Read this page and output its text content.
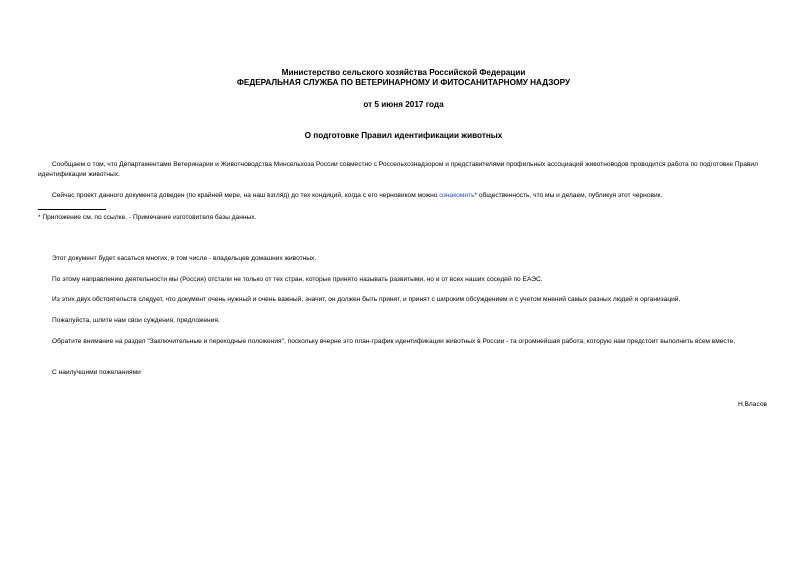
Министерство сельского хозяйства Российской Федерации
ФЕДЕРАЛЬНАЯ СЛУЖБА ПО ВЕТЕРИНАРНОМУ И ФИТОСАНИТАРНОМУ НАДЗОРУ
от 5 июня 2017 года
О подготовке Правил идентификации животных
Сообщаем о том, что Департаментами Ветеринарии и Животноводства Минсельхоза России совместно с Россельхознадзором и представителями профильных ассоциаций животноводов проводится работа по подготовке Правил идентификации животных.
Сейчас проект данного документа доведен (по крайней мере, на наш взгляд) до тех кондиций, когда с его черновиком можно ознакомить* общественность, что мы и делаем, публикуя этот черновик.
* Приложение см. по ссылке. - Примечание изготовителя базы данных.
Этот документ будет касаться многих, в том числе - владельцев домашних животных.
По этому направлению деятельности мы (Россия) отстали не только от тех стран, которые принято называть развитыми, но и от всех наших соседей по ЕАЭС.
Из этих двух обстоятельств следует, что документ очень нужный и очень важный, значит, он должен быть принят, и принят с широким обсуждением и с учетом мнений самых разных людей и организаций.
Пожалуйста, шлите нам свои суждения, предложения.
Обратите внимание на раздел "Заключительные и переходные положения", поскольку вчерне это план-график идентификации животных в России - та огромнейшая работа, которую нам предстоит выполнить всем вместе.
С наилучшими пожеланиями
Н.Власов
